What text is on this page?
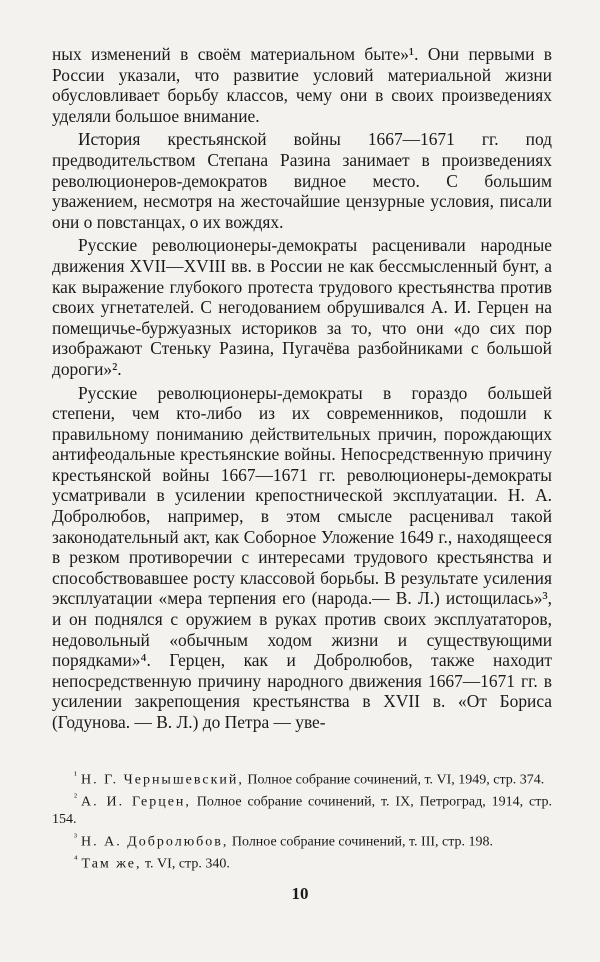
ных изменений в своём материальном быте»¹. Они первыми в России указали, что развитие условий материальной жизни обусловливает борьбу классов, чему они в своих произведениях уделяли большое внимание.

История крестьянской войны 1667—1671 гг. под предводительством Степана Разина занимает в произведениях революционеров-демократов видное место. С большим уважением, несмотря на жесточайшие цензурные условия, писали они о повстанцах, о их вождях.

Русские революционеры-демократы расценивали народные движения XVII—XVIII вв. в России не как бессмысленный бунт, а как выражение глубокого протеста трудового крестьянства против своих угнетателей. С негодованием обрушивался А. И. Герцен на помещичье-буржуазных историков за то, что они «до сих пор изображают Стеньку Разина, Пугачёва разбойниками с большой дороги»².

Русские революционеры-демократы в гораздо большей степени, чем кто-либо из их современников, подошли к правильному пониманию действительных причин, порождающих антифеодальные крестьянские войны. Непосредственную причину крестьянской войны 1667—1671 гг. революционеры-демократы усматривали в усилении крепостнической эксплуатации. Н. А. Добролюбов, например, в этом смысле расценивал такой законодательный акт, как Соборное Уложение 1649 г., находящееся в резком противоречии с интересами трудового крестьянства и способствовавшее росту классовой борьбы. В результате усиления эксплуатации «мера терпения его (народа.— В. Л.) истощилась»³, и он поднялся с оружием в руках против своих эксплуататоров, недовольный «обычным ходом жизни и существующими порядками»⁴. Герцен, как и Добролюбов, также находит непосредственную причину народного движения 1667—1671 гг. в усилении закрепощения крестьянства в XVII в. «От Бориса (Годунова. — В. Л.) до Петра — уве-

$^{^1}$ Н. Г. Чернышевский, Полное собрание сочинений, т. VI, 1949, стр. 374.

$^{^2}$ А. И. Герцен, Полное собрание сочинений, т. IX, Петроград, 1914, стр. 154.

$^{^3}$ Н. А. Добролюбов, Полное собрание сочинений, т. III, стр. 198.

$^{^4}$ Там же, т. VI, стр. 340.

10
